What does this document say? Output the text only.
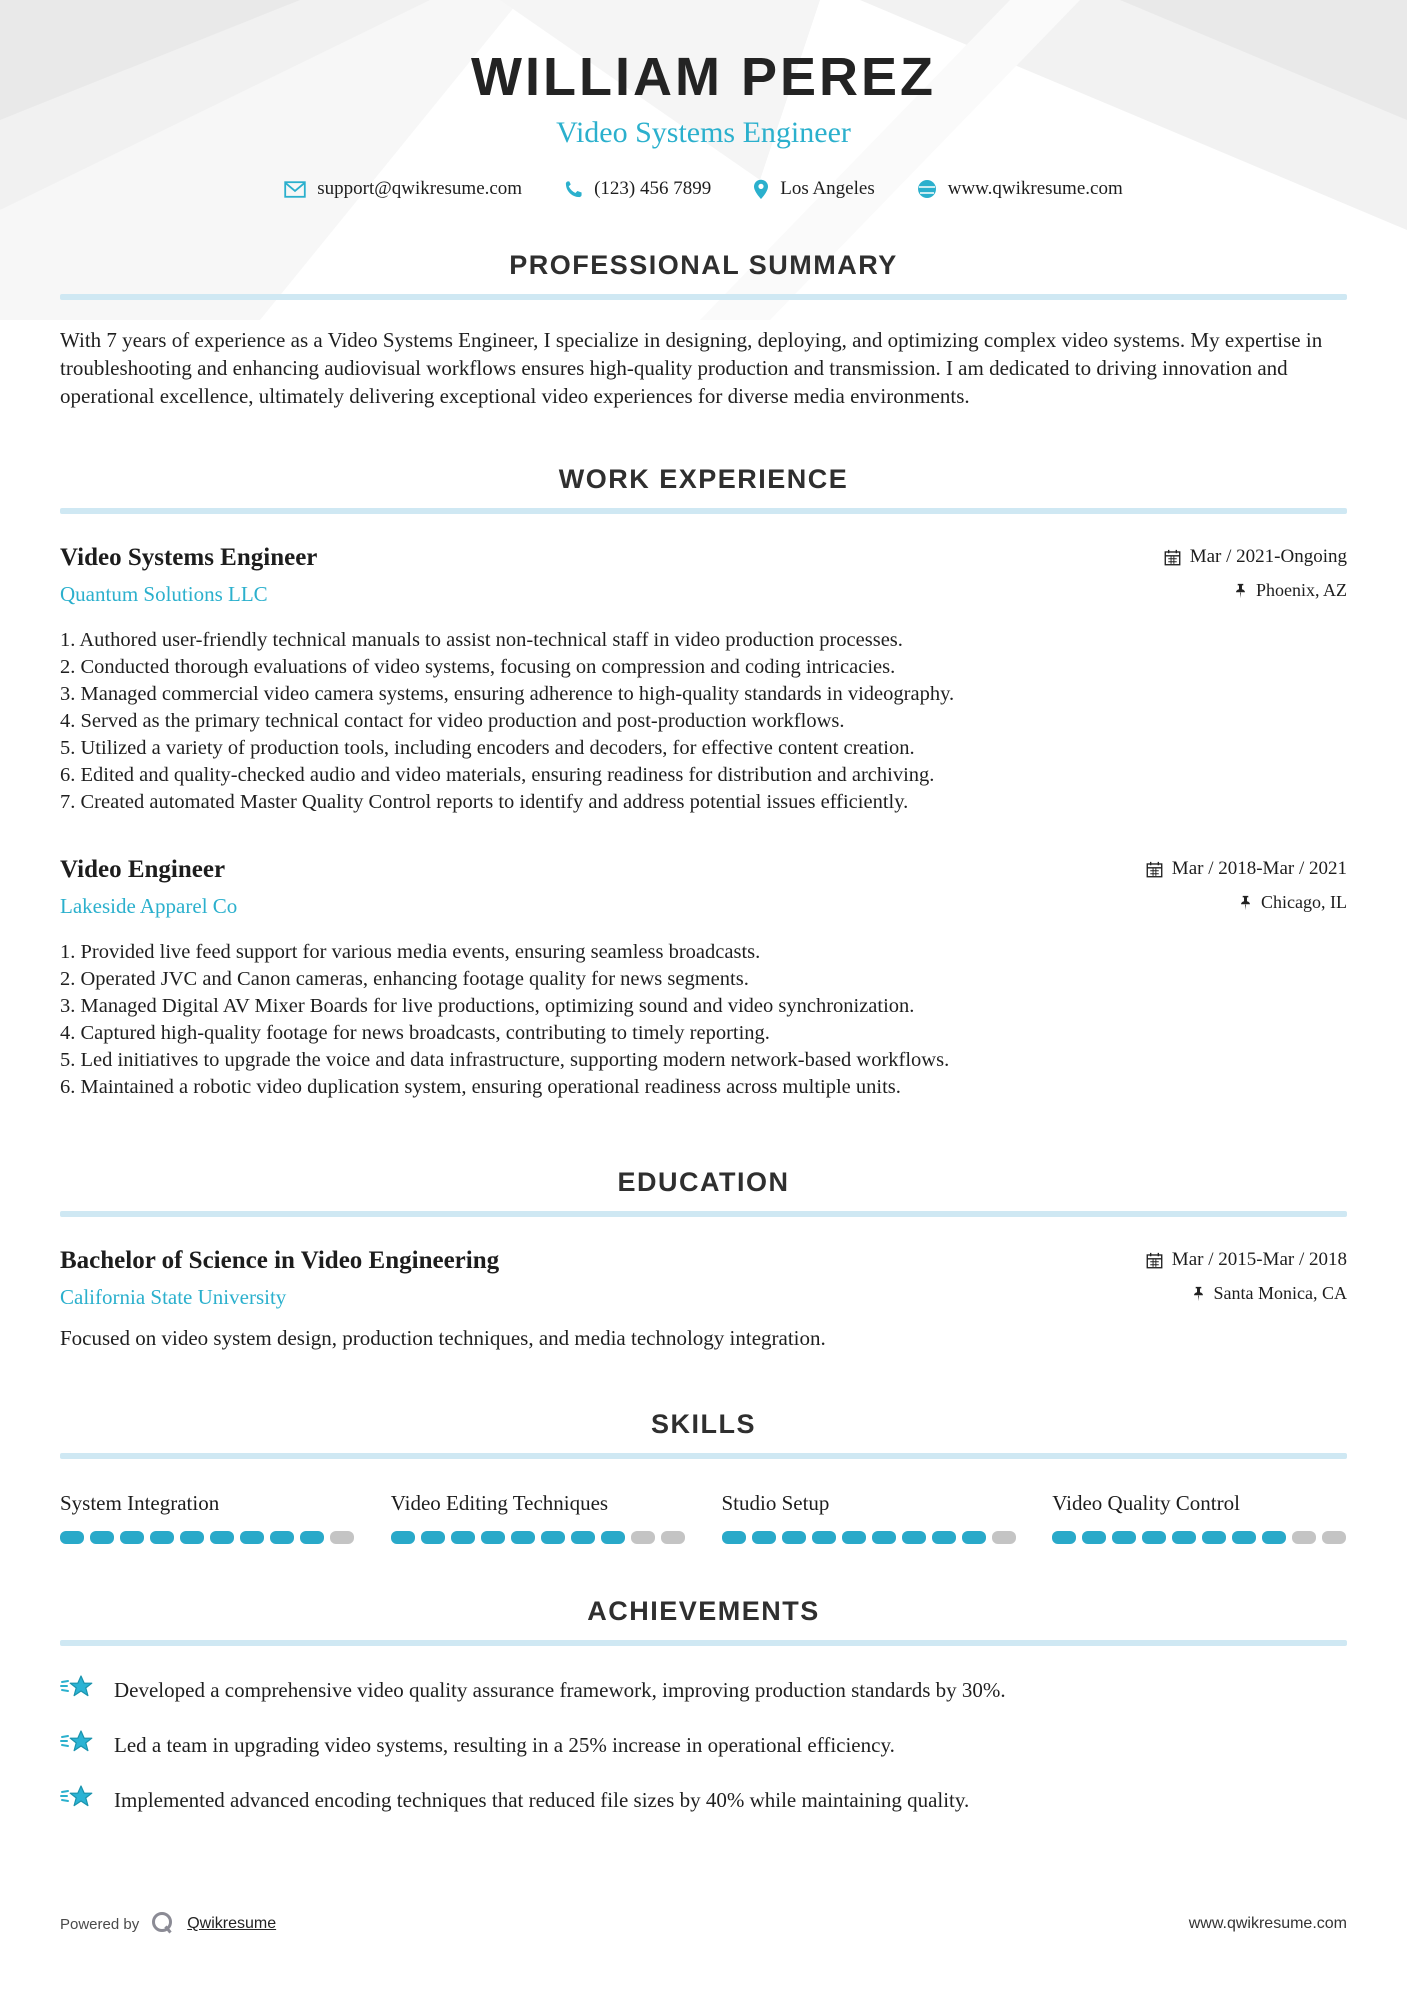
WILLIAM PEREZ
Video Systems Engineer
support@qwikresume.com	(123) 456 7899	Los Angeles	www.qwikresume.com
PROFESSIONAL SUMMARY

With 7 years of experience as a Video Systems Engineer, I specialize in designing, deploying, and optimizing complex video systems. My expertise in troubleshooting and enhancing audiovisual workflows ensures high-quality production and transmission. I am dedicated to driving innovation and operational excellence, ultimately delivering exceptional video experiences for diverse media environments.

WORK EXPERIENCE
Video Systems Engineer
Quantum Solutions LLC
Mar / 2021-Ongoing
Phoenix, AZ
Authored user-friendly technical manuals to assist non-technical staff in video production processes.
Conducted thorough evaluations of video systems, focusing on compression and coding intricacies.
Managed commercial video camera systems, ensuring adherence to high-quality standards in videography.
Served as the primary technical contact for video production and post-production workflows.
Utilized a variety of production tools, including encoders and decoders, for effective content creation.
Edited and quality-checked audio and video materials, ensuring readiness for distribution and archiving.
Created automated Master Quality Control reports to identify and address potential issues efficiently.
Video Engineer
Lakeside Apparel Co
Mar / 2018-Mar / 2021
Chicago, IL
Provided live feed support for various media events, ensuring seamless broadcasts.
Operated JVC and Canon cameras, enhancing footage quality for news segments.
Managed Digital AV Mixer Boards for live productions, optimizing sound and video synchronization.
Captured high-quality footage for news broadcasts, contributing to timely reporting.
Led initiatives to upgrade the voice and data infrastructure, supporting modern network-based workflows.
Maintained a robotic video duplication system, ensuring operational readiness across multiple units.
EDUCATION
Bachelor of Science in Video Engineering
California State University
Mar / 2015-Mar / 2018
Santa Monica, CA

Focused on video system design, production techniques, and media technology integration.

SKILLS
System Integration	Video Editing Techniques	Studio Setup	Video Quality Control
ACHIEVEMENTS
Developed a comprehensive video quality assurance framework, improving production standards by 30%.
Led a team in upgrading video systems, resulting in a 25% increase in operational efficiency.
Implemented advanced encoding techniques that reduced file sizes by 40% while maintaining quality.
Powered by	Qwikresume	www.qwikresume.com
